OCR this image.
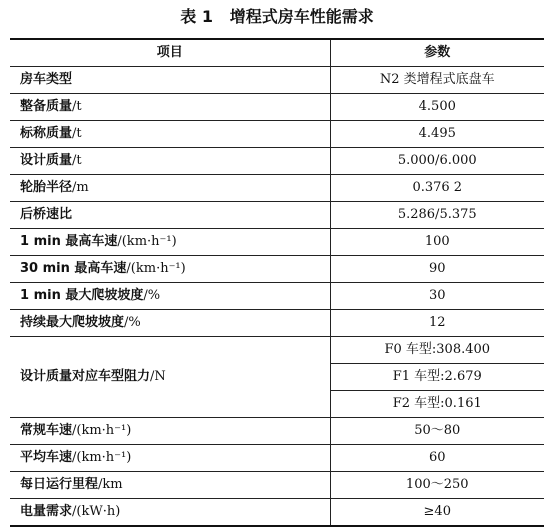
表 1   增程式房车性能需求
项目	参数
房车类型	N2 类增程式底盘车
整备质量/t	4.500
标称质量/t	4.495
设计质量/t	5.000/6.000
轮胎半径/m	0.376 2
后桥速比	5.286/5.375
1 min 最高车速/(km·h⁻¹)	100
30 min 最高车速/(km·h⁻¹)	90
1 min 最大爬坡坡度/%	30
持续最大爬坡坡度/%	12
设计质量对应车型阻力/N	F0 车型:308.400
	F1 车型:2.679
	F2 车型:0.161
常规车速/(km·h⁻¹)	50～80
平均车速/(km·h⁻¹)	60
每日运行里程/km	100～250
电量需求/(kW·h)	≥40
